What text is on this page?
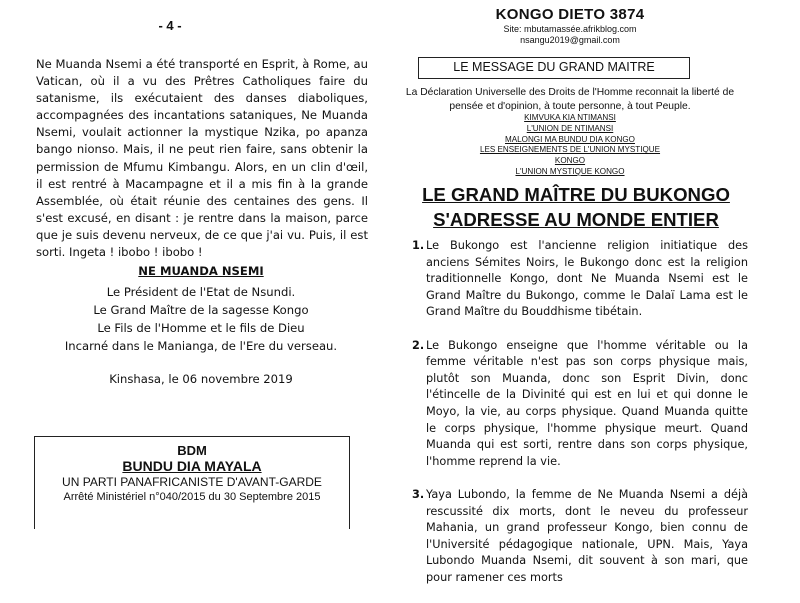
- 4 -

Ne Muanda Nsemi a été transporté en Esprit, à Rome, au Vatican, où il a vu des Prêtres Catholiques faire du satanisme, ils exécutaient des danses diaboliques, accompagnées des incantations sataniques, Ne Muanda Nsemi, voulait actionner la mystique Nzika, po apanza bango nionso. Mais, il ne peut rien faire, sans obtenir la permission de Mfumu Kimbangu. Alors, en un clin d'œil, il est rentré à Macampagne et il a mis fin à la grande Assemblée, où était réunie des centaines des gens. Il s'est excusé, en disant : je rentre dans la maison, parce que je suis devenu nerveux, de ce que j'ai vu. Puis, il est sorti. Ingeta ! ibobo ! ibobo !

NE MUANDA NSEMI
Le Président de l'Etat de Nsundi.
Le Grand Maître de la sagesse Kongo
Le Fils de l'Homme et le fils de Dieu
Incarné dans le Manianga, de l'Ere du verseau.
Kinshasa, le 06 novembre 2019
BDM
BUNDU DIA MAYALA
UN PARTI PANAFRICANISTE D'AVANT-GARDE
Arrêté Ministériel n°040/2015 du 30 Septembre 2015
KONGO DIETO 3874
Site: mbutamassée.afrikblog.com
nsangu2019@gmail.com
LE MESSAGE DU GRAND MAITRE
La Déclaration Universelle des Droits de l'Homme reconnait la liberté de pensée et d'opinion, à toute personne, à tout Peuple.
KIMVUKA KIA NTIMANSI
L'UNION DE NTIMANSI
MALONGI MA BUNDU DIA KONGO
LES ENSEIGNEMENTS DE L'UNION MYSTIQUE KONGO
L'UNION MYSTIQUE KONGO
LE GRAND MAÎTRE DU BUKONGO
S'ADRESSE AU MONDE ENTIER
1. Le Bukongo est l'ancienne religion initiatique des anciens Sémites Noirs, le Bukongo donc est la religion traditionnelle Kongo, dont Ne Muanda Nsemi est le Grand Maître du Bukongo, comme le Dalaï Lama est le Grand Maître du Bouddhisme tibétain.
2. Le Bukongo enseigne que l'homme véritable ou la femme véritable n'est pas son corps physique mais, plutôt son Muanda, donc son Esprit Divin, donc l'étincelle de la Divinité qui est en lui et qui donne le Moyo, la vie, au corps physique. Quand Muanda quitte le corps physique, l'homme physique meurt. Quand Muanda qui est sorti, rentre dans son corps physique, l'homme reprend la vie.
3. Yaya Lubondo, la femme de Ne Muanda Nsemi a déjà rescussité dix morts, dont le neveu du professeur Mahania, un grand professeur Kongo, bien connu de l'Université pédagogique nationale, UPN. Mais, Yaya Lubondo Muanda Nsemi, dit souvent à son mari, que pour ramener ces morts
